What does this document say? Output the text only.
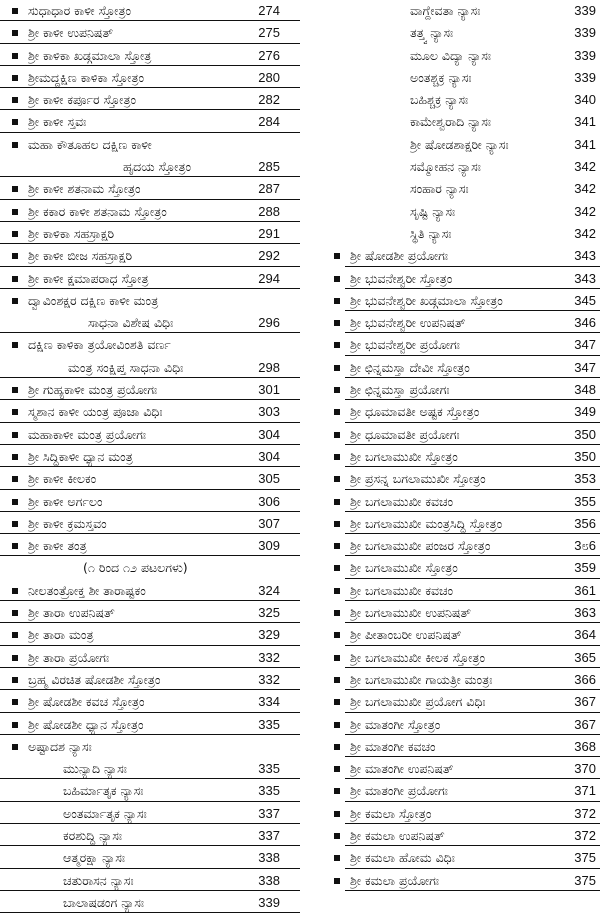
ಸುಧಾಧಾರ ಕಾಳೀ ಸ್ತೋತ್ರಂ	274
ಶ್ರೀ ಕಾಳೀ ಉಪನಿಷತ್	275
ಶ್ರೀ ಕಾಳಿಕಾ ಖಡ್ಗಮಾಲಾ ಸ್ತೋತ್ರ	276
ಶ್ರೀಮದ್ದಕ್ಷಿಣ ಕಾಳಿಕಾ ಸ್ತೋತ್ರಂ	280
ಶ್ರೀ ಕಾಳೀ ಕರ್ಪೂರ ಸ್ತೋತ್ರಂ	282
ಶ್ರೀ ಕಾಳೀ ಸ್ತವಃ	284
ಮಹಾ ಕೌತೂಹಲ ದಕ್ಷಿಣ ಕಾಳೀ
ಹೃದಯ ಸ್ತೋತ್ರಂ	285
ಶ್ರೀ ಕಾಳೀ ಶತನಾಮ ಸ್ತೋತ್ರಂ	287
ಶ್ರೀ ಕಕಾರ ಕಾಳೀ ಶತನಾಮ ಸ್ತೋತ್ರಂ	288
ಶ್ರೀ ಕಾಳಿಕಾ ಸಹಸ್ರಾಕ್ಷರಿ	291
ಶ್ರೀ ಕಾಳೀ ಬೀಜ ಸಹಸ್ರಾಕ್ಷರಿ	292
ಶ್ರೀ ಕಾಳೀ ಕ್ಷಮಾಪರಾಧ ಸ್ತೋತ್ರ	294
ದ್ವಾವಿಂಶಕ್ಷರ ದಕ್ಷಿಣ ಕಾಳೀ ಮಂತ್ರ
ಸಾಧನಾ ವಿಶೇಷ ವಿಧಿಃ	296
ದಕ್ಷಿಣ ಕಾಳಿಕಾ ತ್ರಯೋವಿಂಶತಿ ವರ್ಣ
ಮಂತ್ರ ಸಂಕ್ಷಿಪ್ತ ಸಾಧನಾ ವಿಧಿಃ	298
ಶ್ರೀ ಗುಹ್ಯಕಾಳೀ ಮಂತ್ರ ಪ್ರಯೋಗಃ	301
ಸ್ಮಶಾನ ಕಾಳೀ ಯಂತ್ರ ಪೂಜಾ ವಿಧಿಃ	303
ಮಹಾಕಾಳೀ ಮಂತ್ರ ಪ್ರಯೋಗಃ	304
ಶ್ರೀ ಸಿದ್ಧಿಕಾಳೀ ಧ್ಯಾನ ಮಂತ್ರ	304
ಶ್ರೀ ಕಾಳೀ ಕೀಲಕಂ	305
ಶ್ರೀ ಕಾಳೀ ಅರ್ಗಲಂ	306
ಶ್ರೀ ಕಾಳೀ ಕ್ರಮಸ್ತವಂ	307
ಶ್ರೀ ಕಾಳೀ ತಂತ್ರ	309
(೧ ರಿಂದ ೧೨ ಪಟಲಗಳು)
ನೀಲತಂತ್ರೋಕ್ತ ಶೀ ತಾರಾಷ್ಟಕಂ	324
ಶ್ರೀ ತಾರಾ ಉಪನಿಷತ್	325
ಶ್ರೀ ತಾರಾ ಮಂತ್ರ	329
ಶ್ರೀ ತಾರಾ ಪ್ರಯೋಗಃ	332
ಬ್ರಹ್ಮ ವಿರಚಿತ ಷೋಡಶೀ ಸ್ತೋತ್ರಂ	332
ಶ್ರೀ ಷೋಡಶೀ ಕವಚ ಸ್ತೋತ್ರಂ	334
ಶ್ರೀ ಷೋಡಶೀ ಧ್ಯಾನ ಸ್ತೋತ್ರಂ	335
ಅಷ್ಟಾದಶ ನ್ಯಾಸಃ
ಮುನ್ಯಾದಿ ನ್ಯಾಸಃ	335
ಬಹಿರ್ಮಾತೃಕ ನ್ಯಾಸಃ	335
ಅಂತರ್ಮಾತೃಕ ನ್ಯಾಸಃ	337
ಕರಶುದ್ಧಿ ನ್ಯಾಸಃ	337
ಆತ್ಮರಕ್ಷಾ ನ್ಯಾಸಃ	338
ಚತುರಾಸನ ನ್ಯಾಸಃ	338
ಬಾಲಾಷಡಂಗ ನ್ಯಾಸಃ	339
ವಾಗ್ದೇವತಾ ನ್ಯಾಸಃ	339
ತತ್ತ್ವ ನ್ಯಾಸಃ	339
ಮೂಲ ವಿದ್ಯಾ ನ್ಯಾಸಃ	339
ಅಂತಶ್ಚಕ್ರ ನ್ಯಾಸಃ	339
ಬಹಿಶ್ಚಕ್ರ ನ್ಯಾಸಃ	340
ಕಾಮೇಶ್ವರಾದಿ ನ್ಯಾಸಃ	341
ಶ್ರೀ ಷೋಡಶಾಕ್ಷರೀ ನ್ಯಾಸಃ	341
ಸಮ್ಮೋಹನ ನ್ಯಾಸಃ	342
ಸಂಹಾರ ನ್ಯಾಸಃ	342
ಸೃಷ್ಟಿ ನ್ಯಾಸಃ	342
ಸ್ಥಿತಿ ನ್ಯಾಸಃ	342
ಶ್ರೀ ಷೋಡಶೀ ಪ್ರಯೋಗಃ	343
ಶ್ರೀ ಭುವನೇಶ್ವರೀ ಸ್ತೋತ್ರಂ	343
ಶ್ರೀ ಭುವನೇಶ್ವರೀ ಖಡ್ಗಮಾಲಾ ಸ್ತೋತ್ರಂ	345
ಶ್ರೀ ಭುವನೇಶ್ವರೀ ಉಪನಿಷತ್	346
ಶ್ರೀ ಭುವನೇಶ್ವರೀ ಪ್ರಯೋಗಃ	347
ಶ್ರೀ ಛಿನ್ನಮಸ್ತಾ ದೇವೀ ಸ್ತೋತ್ರಂ	347
ಶ್ರೀ ಛಿನ್ನಮಸ್ತಾ ಪ್ರಯೋಗಃ	348
ಶ್ರೀ ಧೂಮಾವತೀ ಅಷ್ಟಕ ಸ್ತೋತ್ರಂ	349
ಶ್ರೀ ಧೂಮಾವತೀ ಪ್ರಯೋಗಃ	350
ಶ್ರೀ ಬಗಲಾಮುಖೀ ಸ್ತೋತ್ರಂ	350
ಶ್ರೀ ಪ್ರಸನ್ನ ಬಗಲಾಮುಖೀ ಸ್ತೋತ್ರಂ	353
ಶ್ರೀ ಬಗಲಾಮುಖೀ ಕವಚಂ	355
ಶ್ರೀ ಬಗಲಾಮುಖೀ ಮಂತ್ರಸಿದ್ಧಿ ಸ್ತೋತ್ರಂ	356
ಶ್ರೀ ಬಗಲಾಮುಖೀ ಪಂಜರ ಸ್ತೋತ್ರಂ	3೮6
ಶ್ರೀ ಬಗಲಾಮುಖೀ ಸ್ತೋತ್ರಂ	359
ಶ್ರೀ ಬಗಲಾಮುಖೀ ಕವಚಂ	361
ಶ್ರೀ ಬಗಲಾಮುಖೀ ಉಪನಿಷತ್	363
ಶ್ರೀ ಪೀತಾಂಬರೀ ಉಪನಿಷತ್	364
ಶ್ರೀ ಬಗಲಾಮುಖೀ ಕೀಲಕ ಸ್ತೋತ್ರಂ	365
ಶ್ರೀ ಬಗಲಾಮುಖೀ ಗಾಯತ್ರೀ ಮಂತ್ರಃ	366
ಶ್ರೀ ಬಗಲಾಮುಖೀ ಪ್ರಯೋಗ ವಿಧಿಃ	367
ಶ್ರೀ ಮಾತಂಗೀ ಸ್ತೋತ್ರಂ	367
ಶ್ರೀ ಮಾತಂಗೀ ಕವಚಂ	368
ಶ್ರೀ ಮಾತಂಗೀ ಉಪನಿಷತ್	370
ಶ್ರೀ ಮಾತಂಗೀ ಪ್ರಯೋಗಃ	371
ಶ್ರೀ ಕಮಲಾ ಸ್ತೋತ್ರಂ	372
ಶ್ರೀ ಕಮಲಾ ಉಪನಿಷತ್	372
ಶ್ರೀ ಕಮಲಾ ಹೋಮ ವಿಧಿಃ	375
ಶ್ರೀ ಕಮಲಾ ಪ್ರಯೋಗಃ	375
